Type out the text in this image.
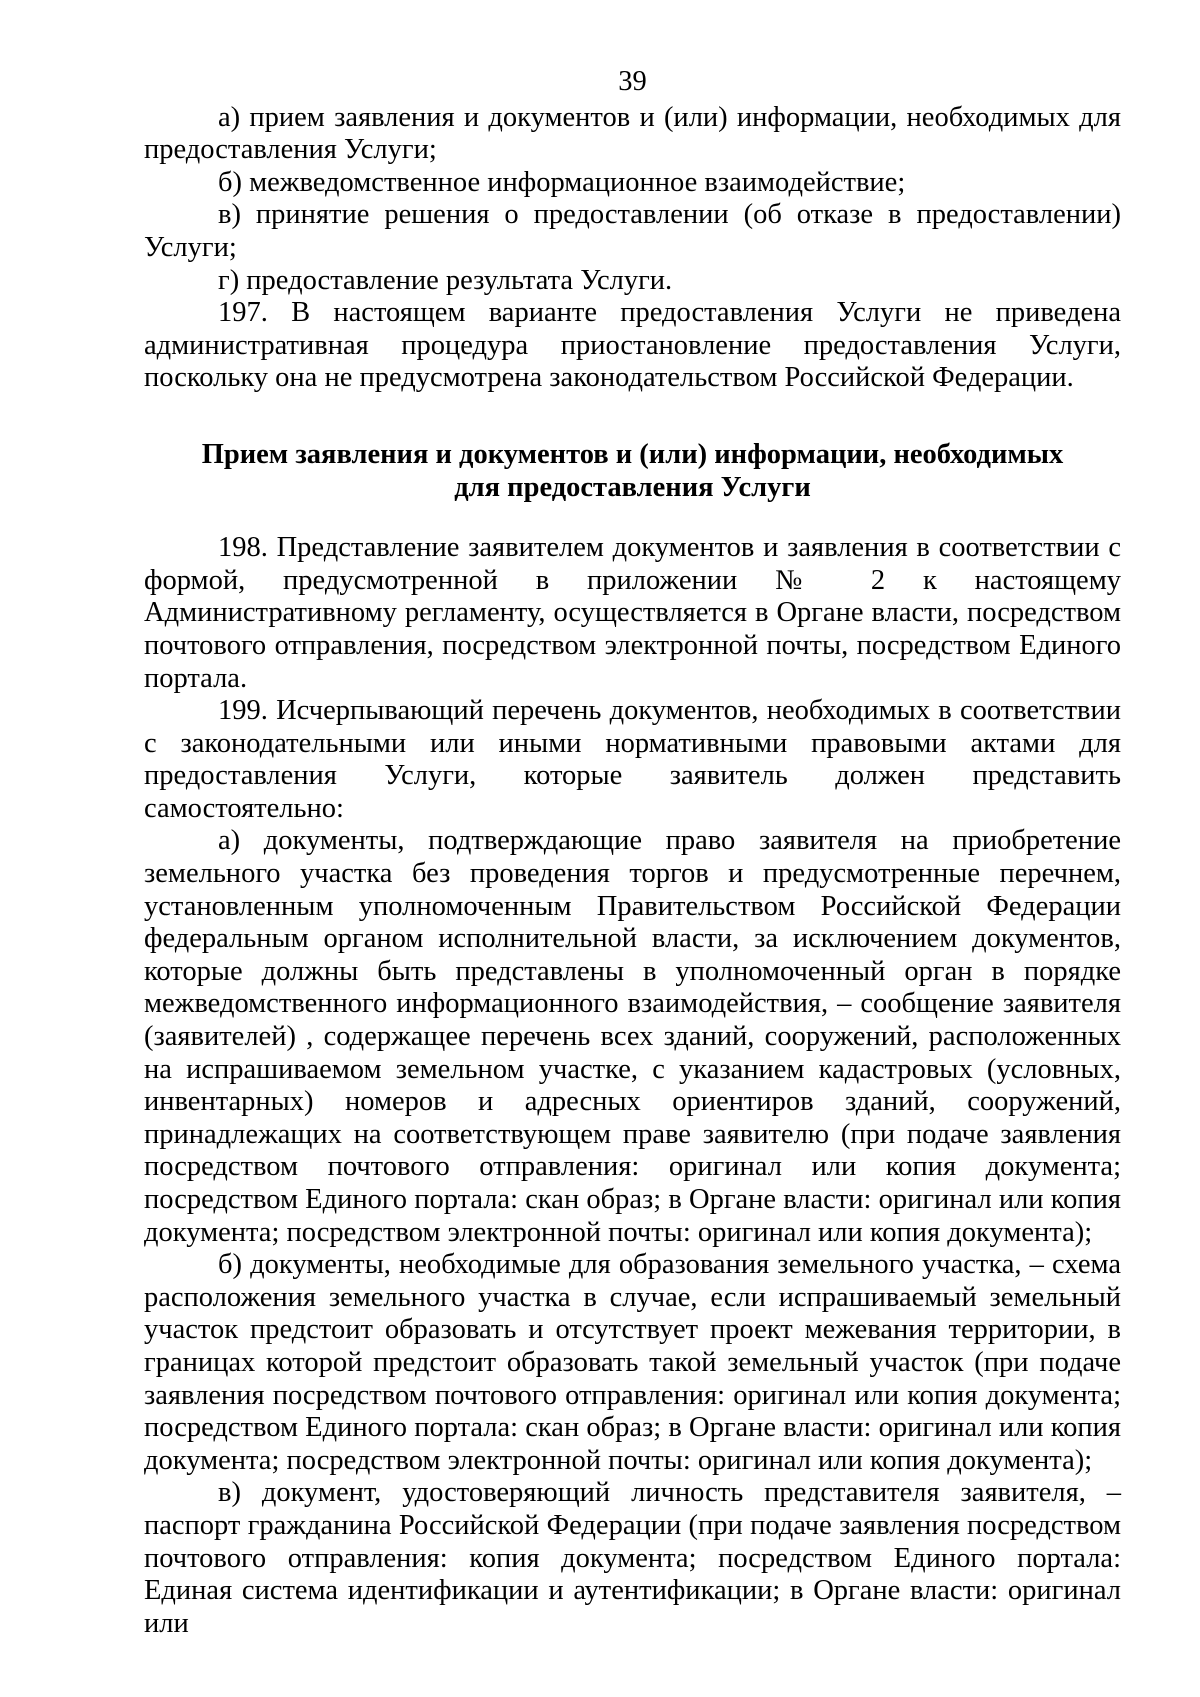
39

а) прием заявления и документов и (или) информации, необходимых для предоставления Услуги;

б) межведомственное информационное взаимодействие;

в) принятие решения о предоставлении (об отказе в предоставлении) Услуги;

г) предоставление результата Услуги.

197. В настоящем варианте предоставления Услуги не приведена административная процедура приостановление предоставления Услуги, поскольку она не предусмотрена законодательством Российской Федерации.

Прием заявления и документов и (или) информации, необходимых
для предоставления Услуги

198. Представление заявителем документов и заявления в соответствии с формой, предусмотренной в приложении № 2 к настоящему Административному регламенту, осуществляется в Органе власти, посредством почтового отправления, посредством электронной почты, посредством Единого портала.

199. Исчерпывающий перечень документов, необходимых в соответствии с законодательными или иными нормативными правовыми актами для предоставления Услуги, которые заявитель должен представить самостоятельно:

а) документы, подтверждающие право заявителя на приобретение земельного участка без проведения торгов и предусмотренные перечнем, установленным уполномоченным Правительством Российской Федерации федеральным органом исполнительной власти, за исключением документов, которые должны быть представлены в уполномоченный орган в порядке межведомственного информационного взаимодействия, – сообщение заявителя (заявителей) , содержащее перечень всех зданий, сооружений, расположенных на испрашиваемом земельном участке, с указанием кадастровых (условных, инвентарных) номеров и адресных ориентиров зданий, сооружений, принадлежащих на соответствующем праве заявителю (при подаче заявления посредством почтового отправления: оригинал или копия документа; посредством Единого портала: скан образ; в Органе власти: оригинал или копия документа; посредством электронной почты: оригинал или копия документа);

б) документы, необходимые для образования земельного участка, – схема расположения земельного участка в случае, если испрашиваемый земельный участок предстоит образовать и отсутствует проект межевания территории, в границах которой предстоит образовать такой земельный участок (при подаче заявления посредством почтового отправления: оригинал или копия документа; посредством Единого портала: скан образ; в Органе власти: оригинал или копия документа; посредством электронной почты: оригинал или копия документа);

в) документ, удостоверяющий личность представителя заявителя, – паспорт гражданина Российской Федерации (при подаче заявления посредством почтового отправления: копия документа; посредством Единого портала: Единая система идентификации и аутентификации; в Органе власти: оригинал или
